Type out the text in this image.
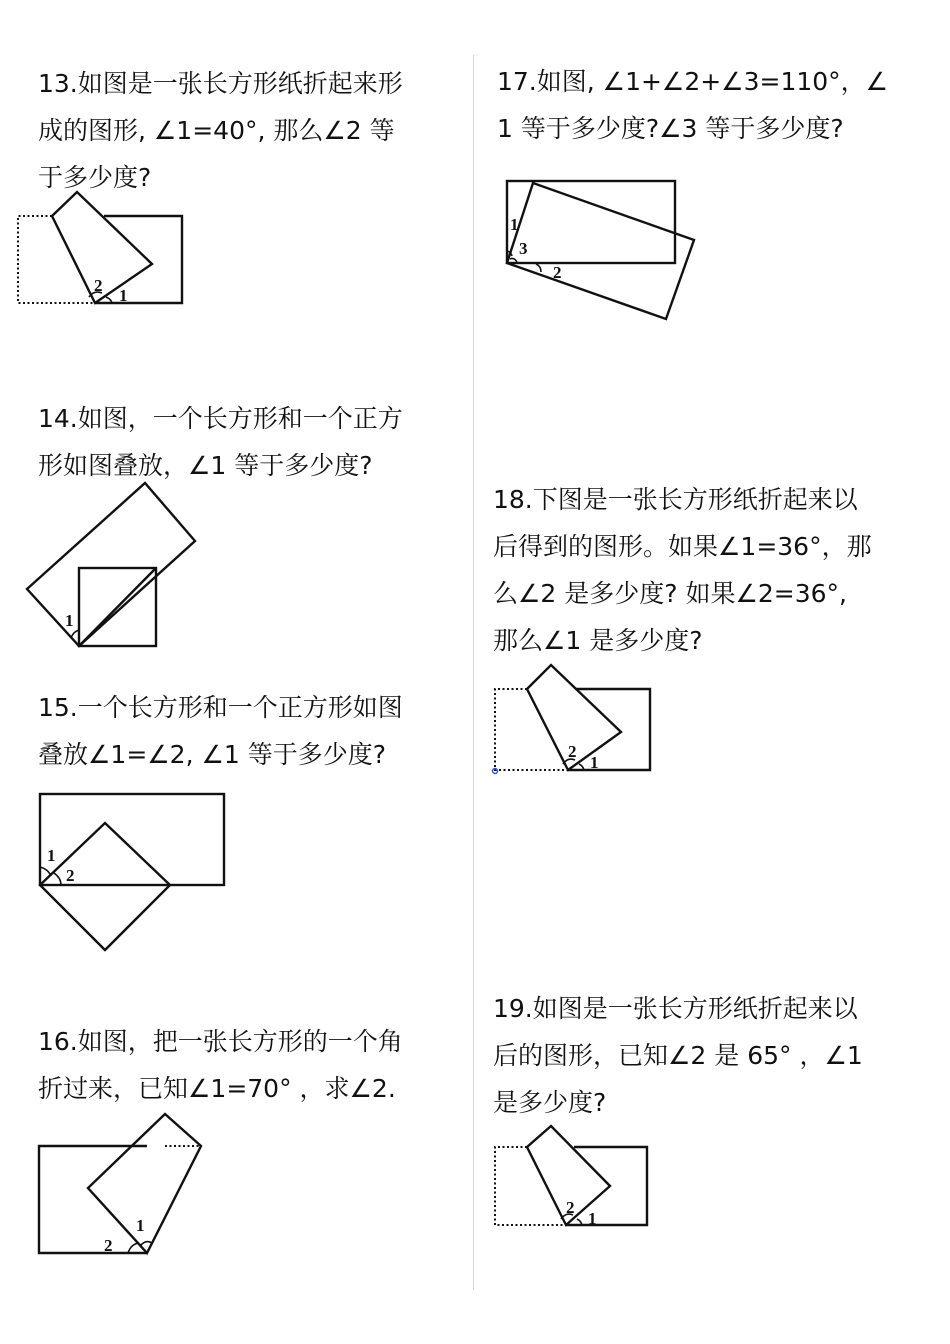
13.如图是一张长方形纸折起来形
成的图形, ∠1=40°, 那么∠2 等
于多少度?
2
1
14.如图，一个长方形和一个正方
形如图叠放，∠1 等于多少度?
1
15.一个长方形和一个正方形如图
叠放∠1=∠2, ∠1 等于多少度?
1
2
16.如图，把一张长方形的一个角
折过来，已知∠1=70° ，求∠2.
1
2
17.如图, ∠1+∠2+∠3=110°，∠
1 等于多少度?∠3 等于多少度?
1
3
2
18.下图是一张长方形纸折起来以
后得到的图形。如果∠1=36°，那
么∠2 是多少度? 如果∠2=36°,
那么∠1 是多少度?
2
1
19.如图是一张长方形纸折起来以
后的图形，已知∠2 是 65° ，∠1
是多少度?
2
1
